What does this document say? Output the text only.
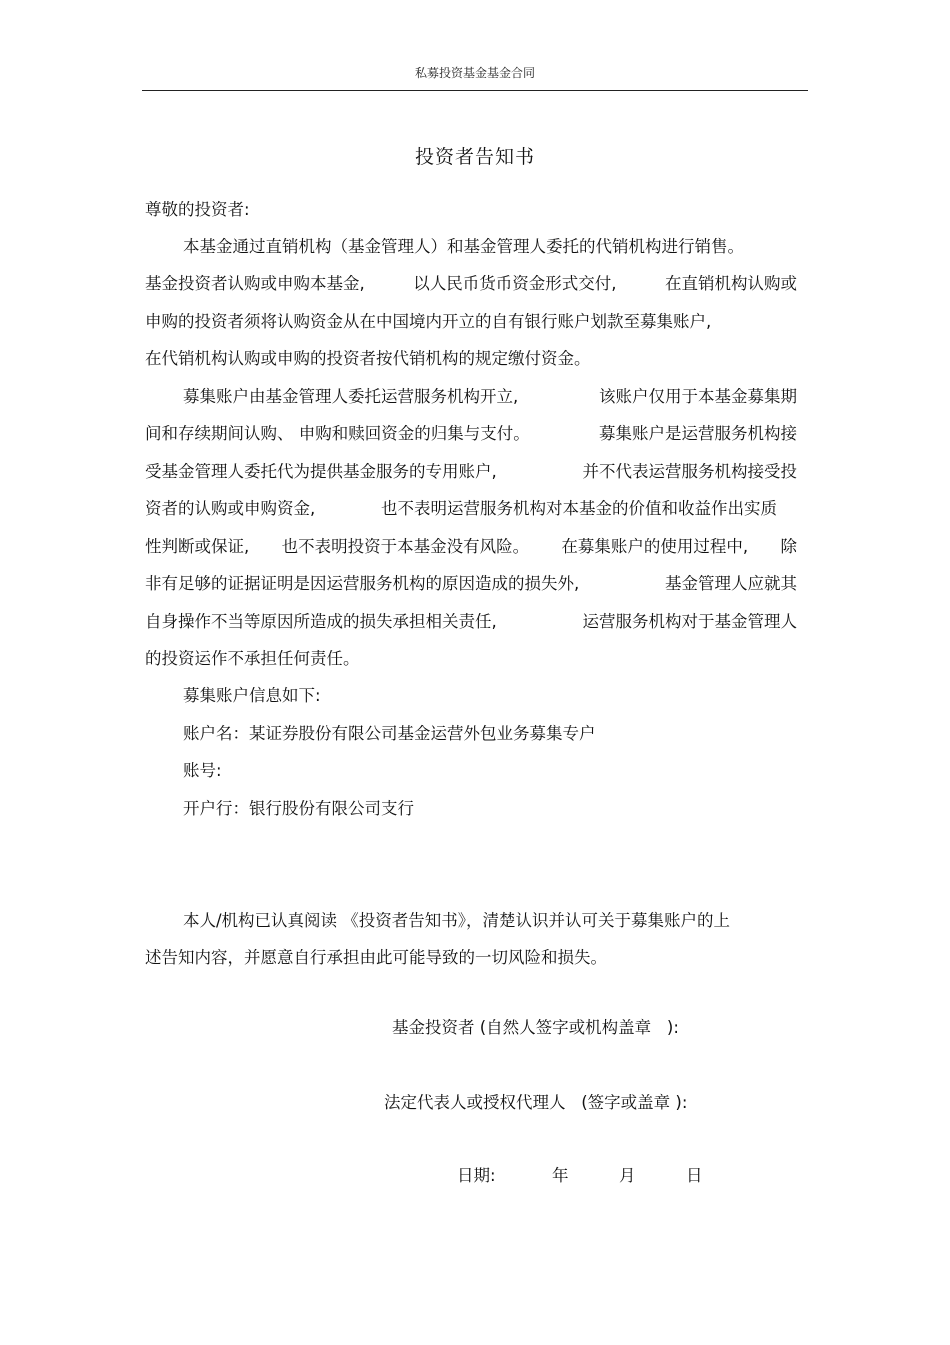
私募投资基金基金合同
投资者告知书
尊敬的投资者:
本基金通过直销机构（基金管理人）和基金管理人委托的代销机构进行销售。
基金投资者认购或申购本基金,	以人民币货币资金形式交付,	在直销机构认购或
申购的投资者须将认购资金从在中国境内开立的自有银行账户划款至募集账户,
在代销机构认购或申购的投资者按代销机构的规定缴付资金。
募集账户由基金管理人委托运营服务机构开立,	该账户仅用于本基金募集期
间和存续期间认购、 申购和赎回资金的归集与支付。	募集账户是运营服务机构接
受基金管理人委托代为提供基金服务的专用账户,	并不代表运营服务机构接受投
资者的认购或申购资金,	也不表明运营服务机构对本基金的价值和收益作出实质
性判断或保证, 也不表明投资于本基金没有风险。 在募集账户的使用过程中, 除
非有足够的证据证明是因运营服务机构的原因造成的损失外,	基金管理人应就其
自身操作不当等原因所造成的损失承担相关责任,	运营服务机构对于基金管理人
的投资运作不承担任何责任。
募集账户信息如下:
账户名：某证券股份有限公司基金运营外包业务募集专户
账号:
开户行：银行股份有限公司支行
本人/机构已认真阅读 《投资者告知书》，清楚认识并认可关于募集账户的上
述告知内容，并愿意自行承担由此可能导致的一切风险和损失。
基金投资者 (自然人签字或机构盖章   ):
法定代表人或授权代理人   (签字或盖章 ):
日期:	年	月	日
